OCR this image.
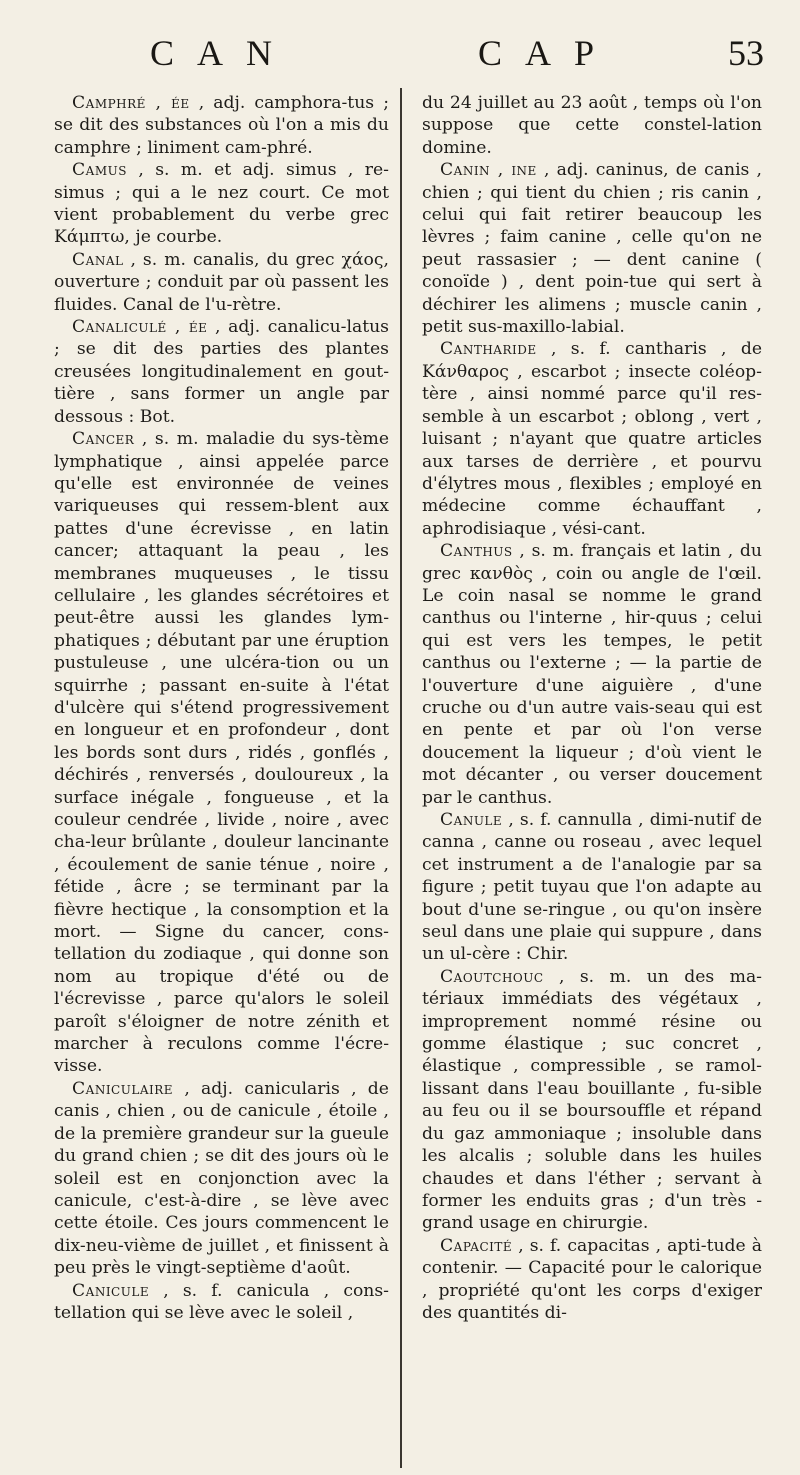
C A N	C A P	53

Camphré , ée , adj. camphora-tus ; se dit des substances où l'on a mis du camphre ; liniment cam-phré.

Camus , s. m. et adj. simus , re-simus ; qui a le nez court. Ce mot vient probablement du verbe grec Κάμπτω, je courbe.

Canal , s. m. canalis, du grec χάος, ouverture ; conduit par où passent les fluides. Canal de l'u-rètre.

Canaliculé , ée , adj. canalicu-latus ; se dit des parties des plantes creusées longitudinalement en gout-tière , sans former un angle par dessous : Bot.

Cancer , s. m. maladie du sys-tème lymphatique , ainsi appelée parce qu'elle est environnée de veines variqueuses qui ressem-blent aux pattes d'une écrevisse , en latin cancer; attaquant la peau , les membranes muqueuses , le tissu cellulaire , les glandes sécrétoires et peut-être aussi les glandes lym-phatiques ; débutant par une éruption pustuleuse , une ulcéra-tion ou un squirrhe ; passant en-suite à l'état d'ulcère qui s'étend progressivement en longueur et en profondeur , dont les bords sont durs , ridés , gonflés , déchirés , renversés , douloureux , la surface inégale , fongueuse , et la couleur cendrée , livide , noire , avec cha-leur brûlante , douleur lancinante , écoulement de sanie ténue , noire , fétide , âcre ; se terminant par la fièvre hectique , la consomption et la mort. — Signe du cancer, cons-tellation du zodiaque , qui donne son nom au tropique d'été ou de l'écrevisse , parce qu'alors le soleil paroît s'éloigner de notre zénith et marcher à reculons comme l'écre-visse.

Caniculaire , adj. canicularis , de canis , chien , ou de canicule , étoile , de la première grandeur sur la gueule du grand chien ; se dit des jours où le soleil est en conjonction avec la canicule, c'est-à-dire , se lève avec cette étoile. Ces jours commencent le dix-neu-vième de juillet , et finissent à peu près le vingt-septième d'août.

Canicule , s. f. canicula , cons-tellation qui se lève avec le soleil ,

du 24 juillet au 23 août , temps où l'on suppose que cette constel-lation domine.

Canin , ine , adj. caninus, de canis , chien ; qui tient du chien ; ris canin , celui qui fait retirer beaucoup les lèvres ; faim canine , celle qu'on ne peut rassasier ; — dent canine ( conoïde ) , dent poin-tue qui sert à déchirer les alimens ; muscle canin , petit sus-maxillo-labial.

Cantharide , s. f. cantharis , de Κάνθαρος , escarbot ; insecte coléop-tère , ainsi nommé parce qu'il res-semble à un escarbot ; oblong , vert , luisant ; n'ayant que quatre articles aux tarses de derrière , et pourvu d'élytres mous , flexibles ; employé en médecine comme échauffant , aphrodisiaque , vési-cant.

Canthus , s. m. français et latin , du grec κανθὸς , coin ou angle de l'œil. Le coin nasal se nomme le grand canthus ou l'interne , hir-quus ; celui qui est vers les tempes, le petit canthus ou l'externe ; — la partie de l'ouverture d'une aiguière , d'une cruche ou d'un autre vais-seau qui est en pente et par où l'on verse doucement la liqueur ; d'où vient le mot décanter , ou verser doucement par le canthus.

Canule , s. f. cannulla , dimi-nutif de canna , canne ou roseau , avec lequel cet instrument a de l'analogie par sa figure ; petit tuyau que l'on adapte au bout d'une se-ringue , ou qu'on insère seul dans une plaie qui suppure , dans un ul-cère : Chir.

Caoutchouc , s. m. un des ma-tériaux immédiats des végétaux , improprement nommé résine ou gomme élastique ; suc concret , élastique , compressible , se ramol-lissant dans l'eau bouillante , fu-sible au feu ou il se boursouffle et répand du gaz ammoniaque ; insoluble dans les alcalis ; soluble dans les huiles chaudes et dans l'éther ; servant à former les enduits gras ; d'un très - grand usage en chirurgie.

Capacité , s. f. capacitas , apti-tude à contenir. — Capacité pour le calorique , propriété qu'ont les corps d'exiger des quantités di-
